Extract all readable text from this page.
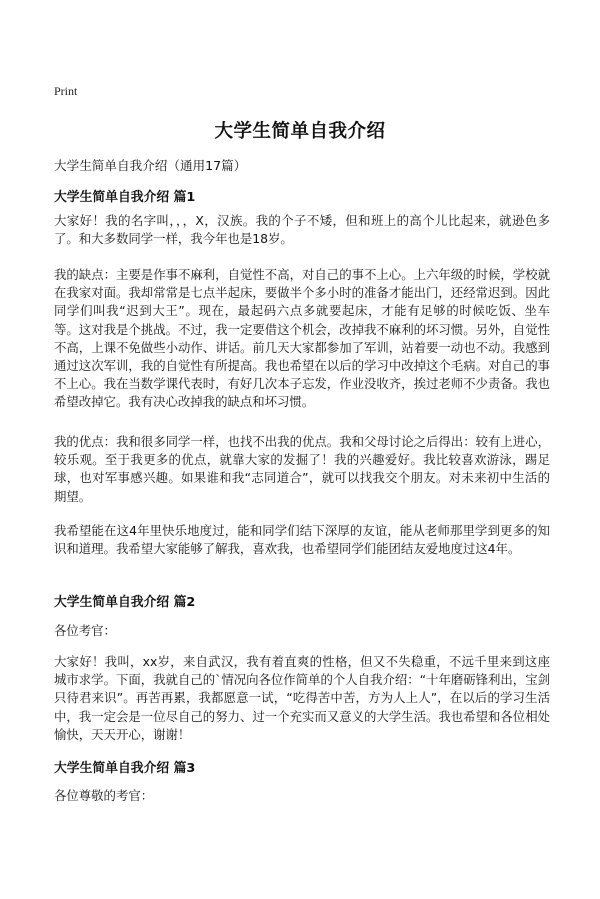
Print
大学生简单自我介绍
大学生简单自我介绍（通用17篇）
大学生简单自我介绍 篇1
大家好！我的名字叫，，，X，汉族。我的个子不矮，但和班上的高个儿比起来，就逊色多了。和大多数同学一样，我今年也是18岁。
我的缺点：主要是作事不麻利，自觉性不高，对自己的事不上心。上六年级的时候，学校就在我家对面。我却常常是七点半起床，要做半个多小时的准备才能出门，还经常迟到。因此同学们叫我“迟到大王”。现在，最起码六点多就要起床，才能有足够的时候吃饭、坐车等。这对我是个挑战。不过，我一定要借这个机会，改掉我不麻利的坏习惯。另外，自觉性不高，上课不免做些小动作、讲话。前几天大家都参加了军训，站着要一动也不动。我感到通过这次军训，我的自觉性有所提高。我也希望在以后的学习中改掉这个毛病。对自己的事不上心。我在当数学课代表时，有好几次本子忘发，作业没收齐，挨过老师不少责备。我也希望改掉它。我有决心改掉我的缺点和坏习惯。
我的优点：我和很多同学一样，也找不出我的优点。我和父母讨论之后得出：较有上进心，较乐观。至于我更多的优点，就靠大家的发掘了！我的兴趣爱好。我比较喜欢游泳，踢足球，也对军事感兴趣。如果谁和我“志同道合”，就可以找我交个朋友。对未来初中生活的期望。
我希望能在这4年里快乐地度过，能和同学们结下深厚的友谊，能从老师那里学到更多的知识和道理。我希望大家能够了解我，喜欢我，也希望同学们能团结友爱地度过这4年。
大学生简单自我介绍 篇2
各位考官：
大家好！我叫，xx岁，来自武汉，我有着直爽的性格，但又不失稳重，不远千里来到这座城市求学。下面，我就自己的`情况向各位作简单的个人自我介绍：“十年磨砺锋利出，宝剑只待君来识”。再苦再累，我都愿意一试，“吃得苦中苦，方为人上人”，在以后的学习生活中，我一定会是一位尽自己的努力、过一个充实而又意义的大学生活。我也希望和各位相处愉快，天天开心，谢谢！
大学生简单自我介绍 篇3
各位尊敬的考官：
